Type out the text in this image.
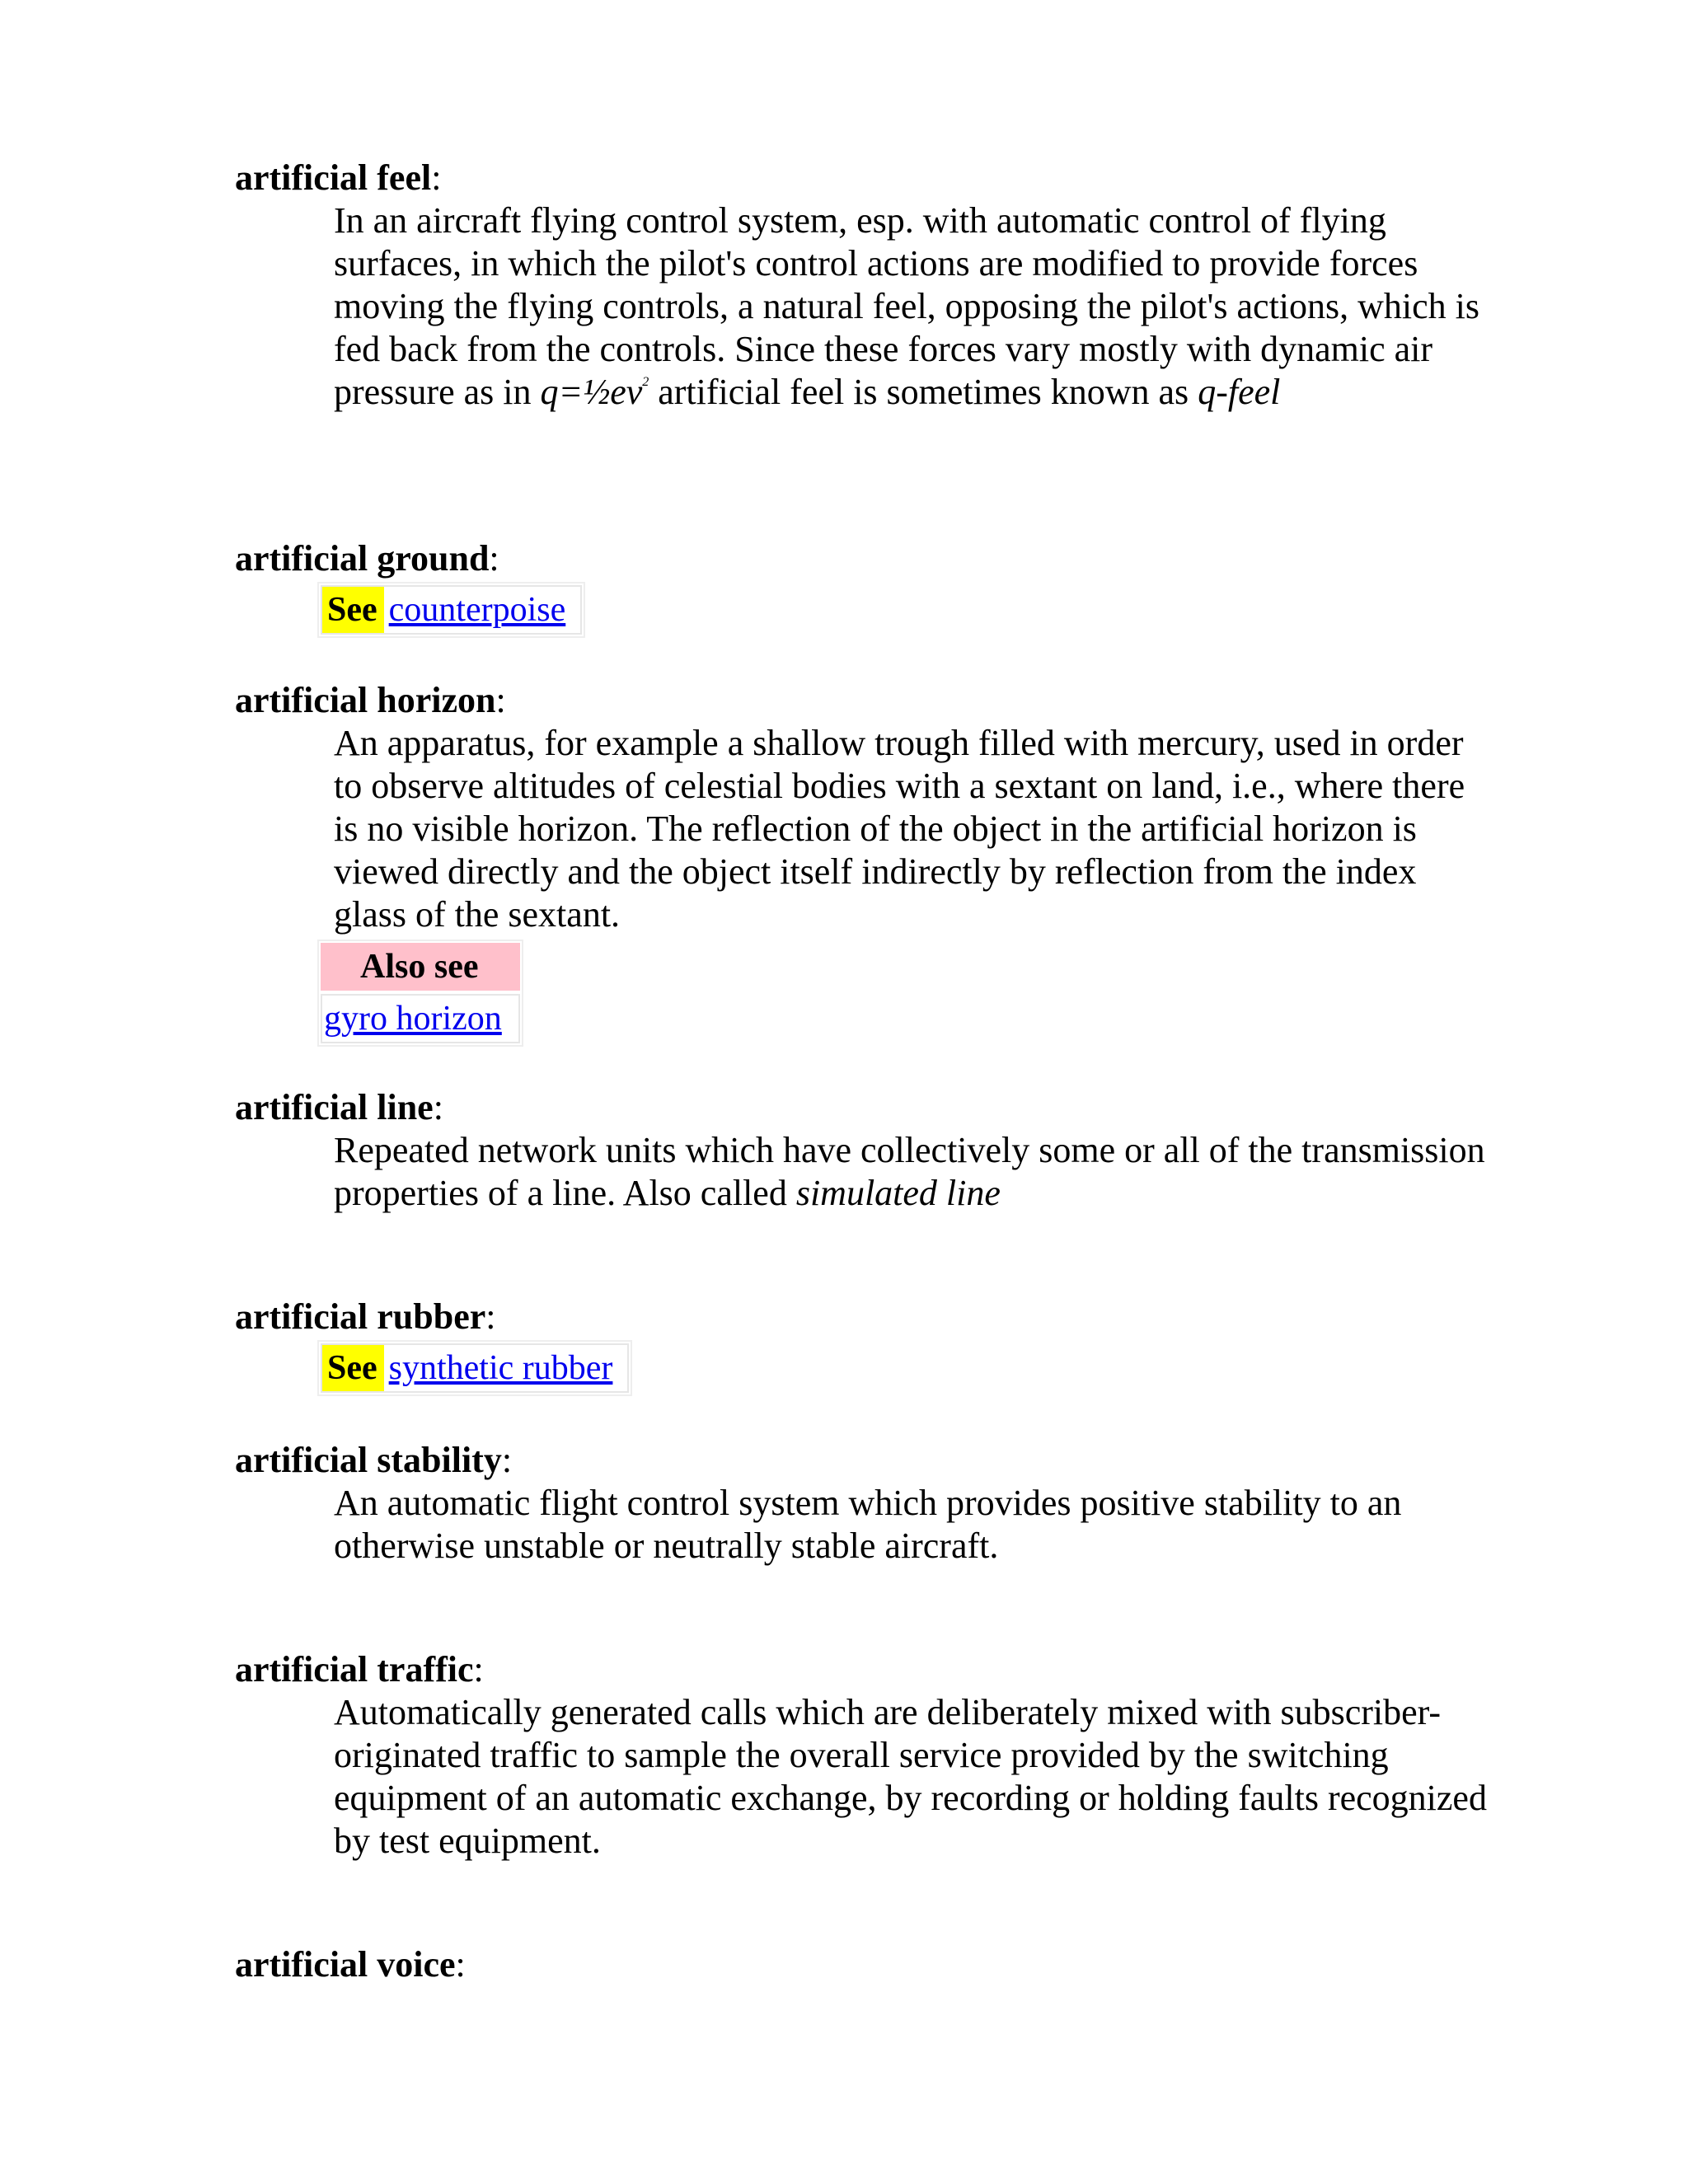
artificial feel:
In an aircraft flying control system, esp. with automatic control of flying surfaces, in which the pilot's control actions are modified to provide forces moving the flying controls, a natural feel, opposing the pilot's actions, which is fed back from the controls. Since these forces vary mostly with dynamic air pressure as in $q=\frac{1}{2}ev^2$ artificial feel is sometimes known as q-feel
artificial ground:
See counterpoise
artificial horizon:
An apparatus, for example a shallow trough filled with mercury, used in order to observe altitudes of celestial bodies with a sextant on land, i.e., where there is no visible horizon. The reflection of the object in the artificial horizon is viewed directly and the object itself indirectly by reflection from the index glass of the sextant.
Also see
gyro horizon
artificial line:
Repeated network units which have collectively some or all of the transmission properties of a line. Also called simulated line
artificial rubber:
See synthetic rubber
artificial stability:
An automatic flight control system which provides positive stability to an otherwise unstable or neutrally stable aircraft.
artificial traffic:
Automatically generated calls which are deliberately mixed with subscriber- originated traffic to sample the overall service provided by the switching equipment of an automatic exchange, by recording or holding faults recognized by test equipment.
artificial voice:
